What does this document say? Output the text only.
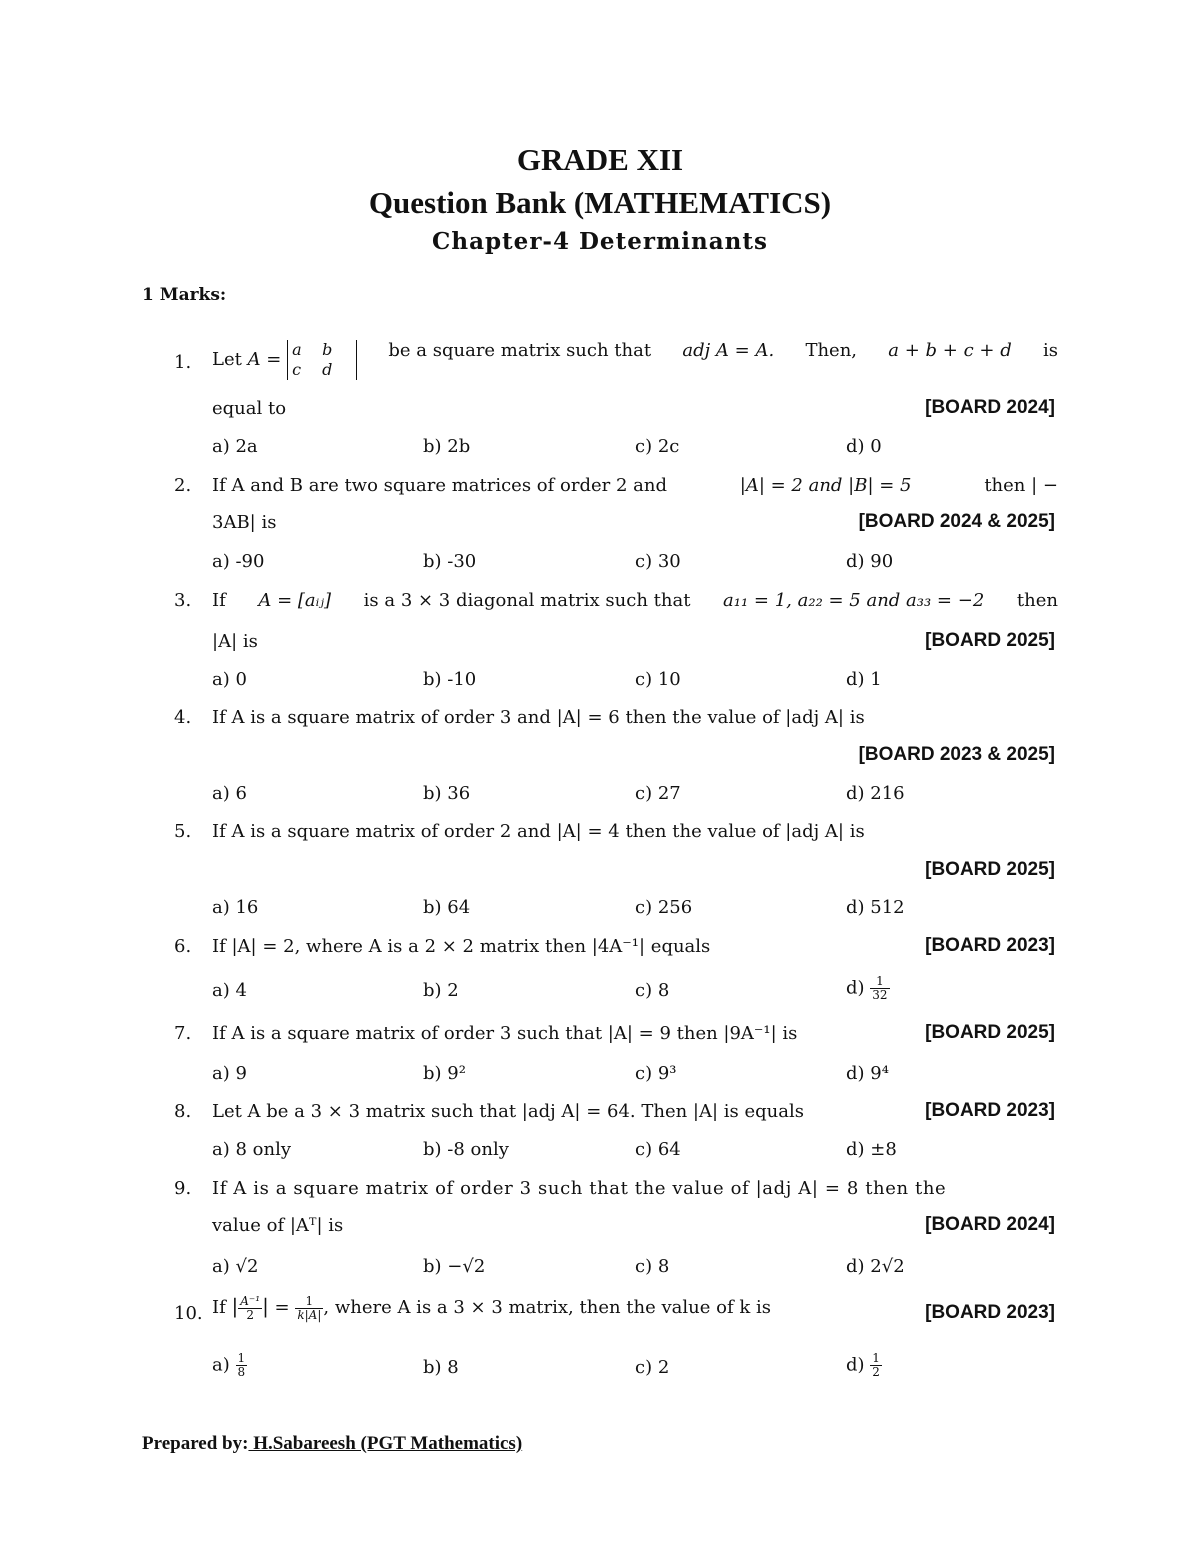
GRADE XII
Question Bank (MATHEMATICS)
Chapter-4 Determinants
1 Marks:
1. Let A = a b
c d
be a square matrix such that adj A = A. Then, a + b + c + d is
equal to	[BOARD 2024]
a) 2a	b) 2b	c) 2c	d) 0
2. If A and B are two square matrices of order 2 and	|A| = 2 and |B| = 5	then | −
3AB| is	[BOARD 2024 & 2025]
a) -90	b) -30	c) 30	d) 90
3. If A = [aᵢⱼ] is a 3 × 3 diagonal matrix such that a₁₁ = 1, a₂₂ = 5 and a₃₃ = −2 then
|A| is	[BOARD 2025]
a) 0	b) -10	c) 10	d) 1
4. If A is a square matrix of order 3 and |A| = 6 then the value of |adj A| is
[BOARD 2023 & 2025]
a) 6	b) 36	c) 27	d) 216
5. If A is a square matrix of order 2 and |A| = 4 then the value of |adj A| is
[BOARD 2025]
a) 16	b) 64	c) 256	d) 512
6. If |A| = 2, where A is a 2 × 2 matrix then |4A⁻¹| equals	[BOARD 2023]
a) 4	b) 2	c) 8	$d) \frac{1}{32}$
7. If A is a square matrix of order 3 such that |A| = 9 then |9A⁻¹| is	[BOARD 2025]
a) 9	b) 9²	c) 9³	d) 9⁴
8. Let A be a 3 × 3 matrix such that |adj A| = 64. Then |A| is equals	[BOARD 2023]
a) 8 only	b) -8 only	c) 64	d) ±8
9. If A is a square matrix of order 3 such that the value of |adj A| = 8 then the
value of |Aᵀ| is	[BOARD 2024]
a) √2	b) −√2	c) 8	d) 2√2
10. If | $\frac{\text{A⁻¹}}{2}$ | = $\frac{1}{k|A|}$ , where A is a 3 × 3 matrix, then the value of k is	[BOARD 2023]
$a) \frac{1}{8}$	b) 8	c) 2	$d) \frac{1}{2}$
Prepared by: H.Sabareesh (PGT Mathematics)
